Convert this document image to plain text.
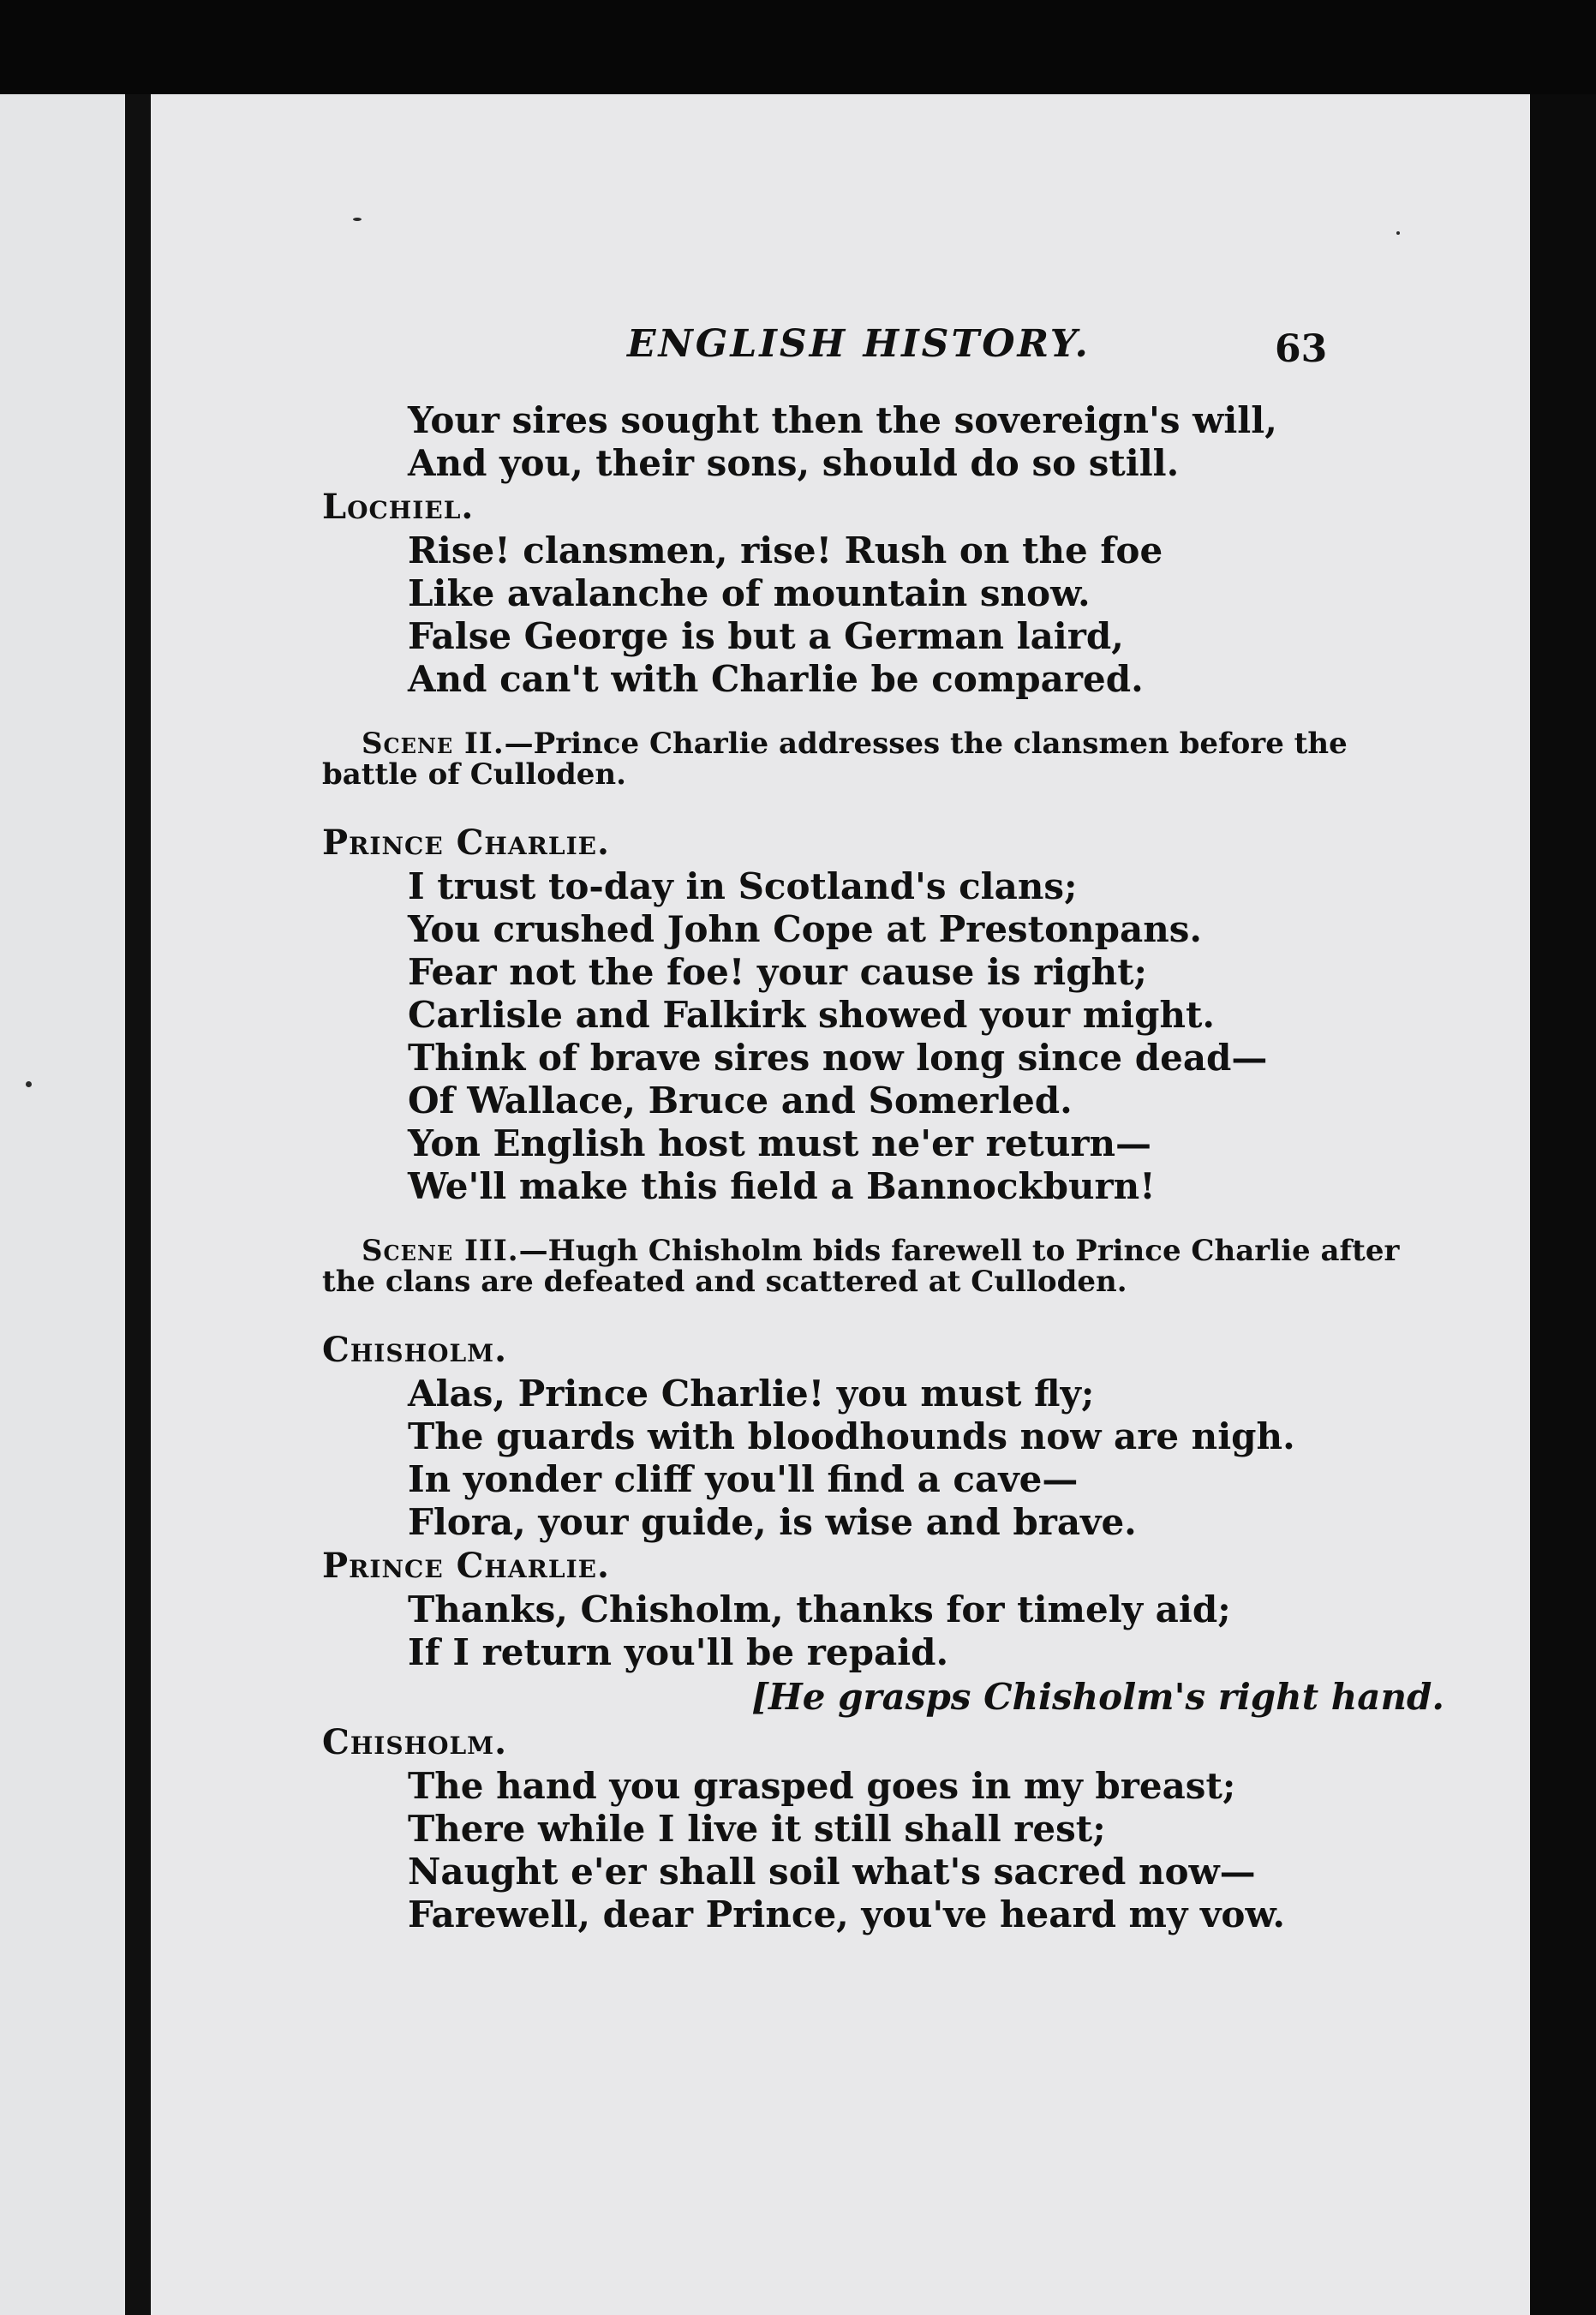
ENGLISH HISTORY.	63
Your sires sought then the sovereign's will,
And you, their sons, should do so still.
Lochiel.
Rise! clansmen, rise! Rush on the foe
Like avalanche of mountain snow.
False George is but a German laird,
And can't with Charlie be compared.
Scene II.—Prince Charlie addresses the clansmen before the battle of Culloden.
Prince Charlie.
I trust to-day in Scotland's clans;
You crushed John Cope at Prestonpans.
Fear not the foe! your cause is right;
Carlisle and Falkirk showed your might.
Think of brave sires now long since dead—
Of Wallace, Bruce and Somerled.
Yon English host must ne'er return—
We'll make this field a Bannockburn!
Scene III.—Hugh Chisholm bids farewell to Prince Charlie after the clans are defeated and scattered at Culloden.
Chisholm.
Alas, Prince Charlie! you must fly;
The guards with bloodhounds now are nigh.
In yonder cliff you'll find a cave—
Flora, your guide, is wise and brave.
Prince Charlie.
Thanks, Chisholm, thanks for timely aid;
If I return you'll be repaid.
[He grasps Chisholm's right hand.
Chisholm.
The hand you grasped goes in my breast;
There while I live it still shall rest;
Naught e'er shall soil what's sacred now—
Farewell, dear Prince, you've heard my vow.
